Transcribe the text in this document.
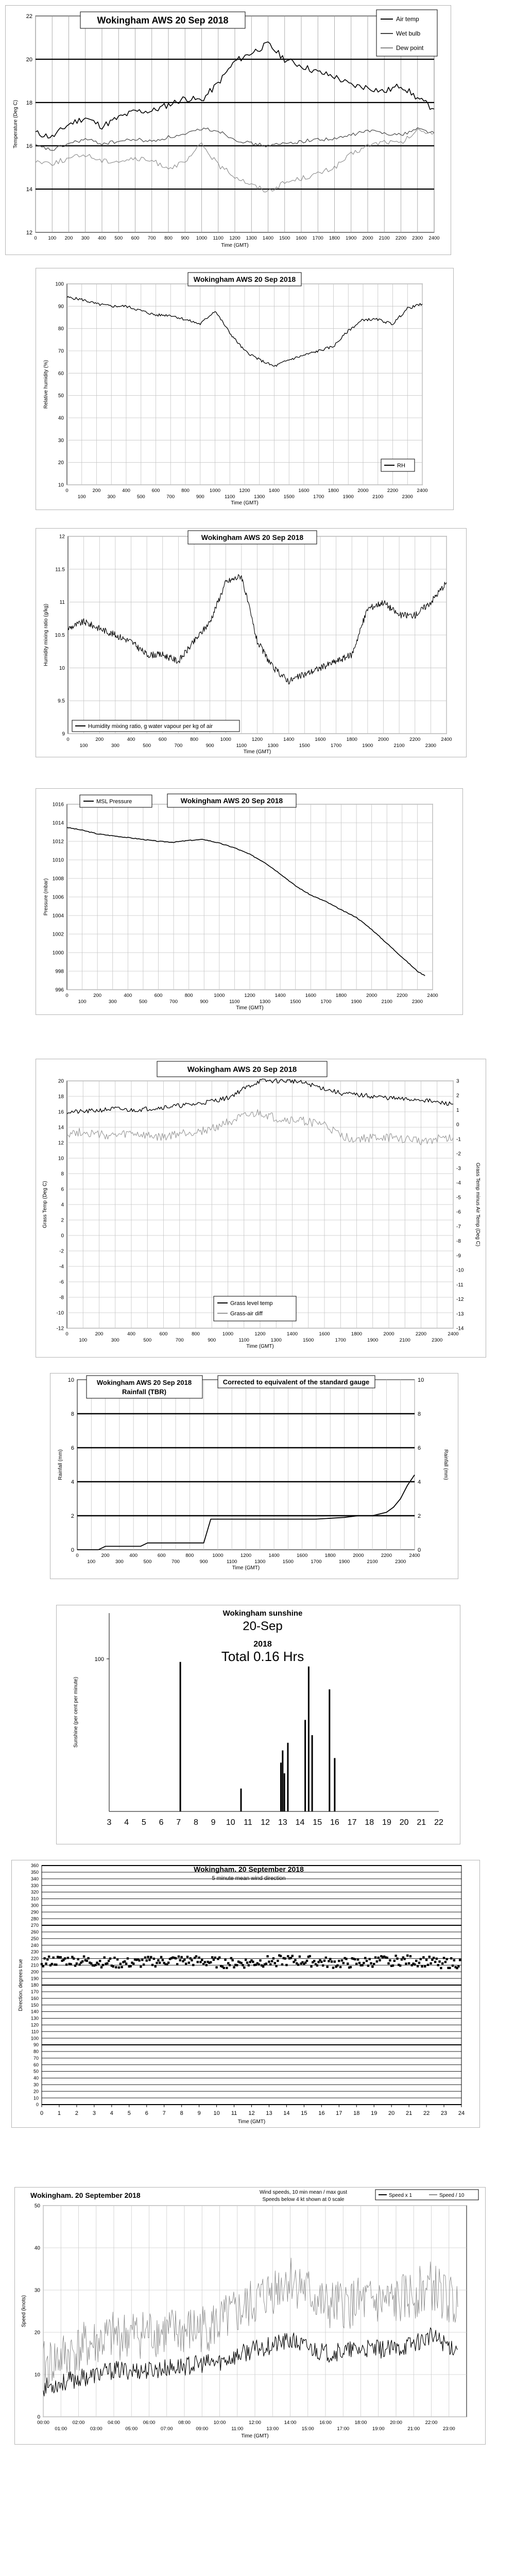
12
14
16
18
20
22
0 100 200 300 400 500 600 700 800 900 1000 1100 1200 1300 1400 1500 1600 1700 1800 1900 2000 2100 2200 2300 2400
Time (GMT)
Temperature (Deg C)
Wokingham AWS 20 Sep 2018	Air temp
Wet bulb
Dew point
10
20
30
40
50
60
70
80
90
100
0
100
200
300
400
500
600
700
800
900
1000
1100
1200
1300
1400
1500
1600
1700
1800
1900
2000
2100
2200
2300
2400
Time (GMT)
Relative humidity (%)
Wokingham AWS 20 Sep 2018
RH
9
9.5
10
10.5
11
11.5
12
0
100
200
300
400
500
600
700
800
900
1000
1100
1200
1300
1400
1500
1600
1700
1800
1900
2000
2100
2200
2300
2400
Time (GMT)
Humidity mixing ratio (g/kg)
Wokingham AWS 20 Sep 2018
Humidity mixing ratio, g water vapour per kg of air
996
998
1000
1002
1004
1006
1008
1010
1012
1014
1016
0
100
200
300
400
500
600
700
800
900
1000
1100
1200
1300
1400
1500
1600
1700
1800
1900
2000
2100
2200
2300
2400
Time (GMT)
Pressure (mbar)
MSL Pressure	Wokingham AWS 20 Sep 2018
-12
-10
-8
-6
-4
-2
0
2
4
6
8
10
12
14
16
18
20
-14
-13
-12
-11
-10
-9
-8
-7
-6
-5
-4
-3
-2
-1
0
1
2
3
0
100
200
300
400
500
600
700
800
900
1000
1100
1200
1300
1400
1500
1600
1700
1800
1900
2000
2100
2200
2300
2400
Time (GMT)
Grass Temp (Deg C)	Grass Temp minus Air Temp (Deg C)
Wokingham AWS 20 Sep 2018
Grass level temp
Grass-air diff
0
2
4
6
8
10
0
2
4
6
8
10
0
100
200
300
400
500
600
700
800
900
1000
1100
1200
1300
1400
1500
1600
1700
1800
1900
2000
2100
2200
2300
2400
Time (GMT)
Rainfall (mm)	Rainfall (mm)
Wokingham AWS 20 Sep 2018
Rainfall (TBR)
Corrected to equivalent of the standard gauge
100
3 4 5 6 7 8 9 10 11 12 13 14 15 16 17 18 19 20 21 22
Sunshine (per cent per minute)
Wokingham sunshine
20-Sep
2018
Total 0.16 Hrs
0
10
20
30
40
50
60
70
80
90
100
110
120
130
140
150
160
170
180
190
200
210
220
230
240
250
260
270
280
290
300
310
320
330
340
350
360
0	1	2	3	4	5	6	7	8	9 10 11 12 13 14 15 16 17 18 19 20 21 22 23 24
Time (GMT)
Direction, degrees true
Wokingham. 20 September 2018
5 minute mean wind direction
0
10
20
30
40
50
00:00	02:00	04:00	06:00	08:00	10:00	12:00	14:00	16:00	18:00	20:00	22:00
01:00	03:00	05:00	07:00	09:00	11:00	13:00	15:00	17:00	19:00	21:00	23:00
Time (GMT)
Speed (knots)
Wokingham. 20 September 2018	Wind speeds, 10 min mean / max gust
Speeds below 4 kt shown at 0 scale
Speed x 1	Speed / 10
